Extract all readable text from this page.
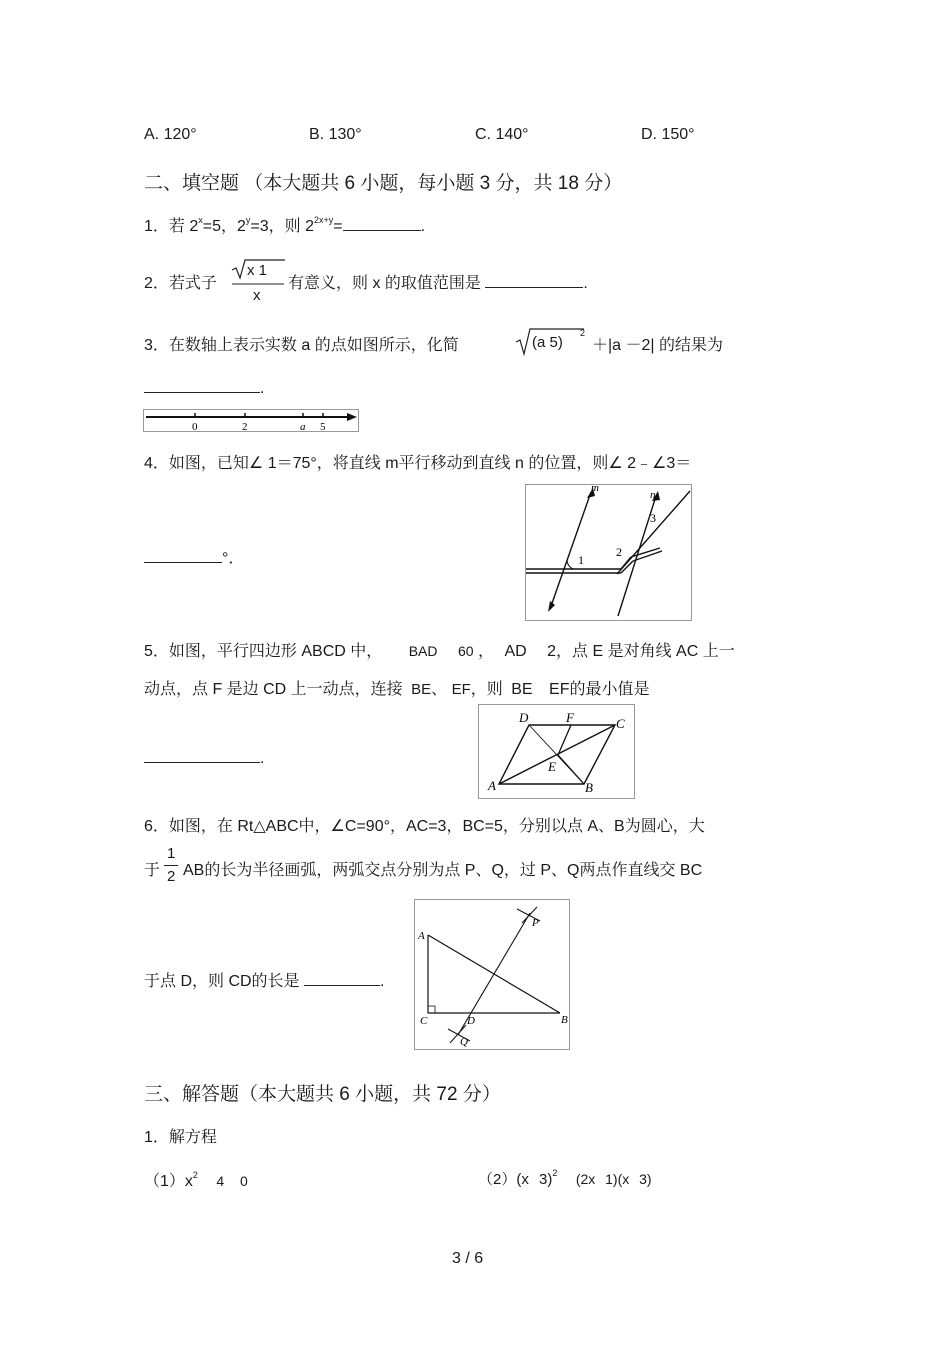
A. 120°	B. 130°	C. 140°	D. 150°
二、填空题 （本大题共 6 小题，每小题 3 分，共 18 分）
1．若 $2^x=5$，$2^y=3$，则 $2^{2x+y}=$	.
2．若式子
x 1
x
有意义，则 x 的取值范围是	.
3．在数轴上表示实数 a 的点如图所示，化简	(a 5)
2
＋|a －2| 的结果为
.
0	2	a 5
4．如图，已知∠ 1＝75°，将直线 m平行移动到直线 n 的位置，则∠ 2﹣∠3＝
°．
m
n
1
2
3
5．如图，平行四边形 ABCD 中， BAD 60 ， AD 2，点 E 是对角线 AC 上一
动点，点 F 是边 CD 上一动点，连接 BE、 EF，则 BE EF的最小值是
.
A	B
C
D
E
F
6．如图，在 Rt△ABC中，∠C=90°，AC=3，BC=5，分别以点 A、B为圆心，大
于
1
2 AB的长为半径画弧，两弧交点分别为点 P、Q，过 P、Q两点作直线交 BC
于点 D，则 CD的长是	.
A
B
C	D
P
Q
三、解答题（本大题共 6 小题，共 72 分）
1．解方程
$(1)x^2$ 4 0	（2）(x 3)$^2$ (2x 1)(x 3)
3 / 6
